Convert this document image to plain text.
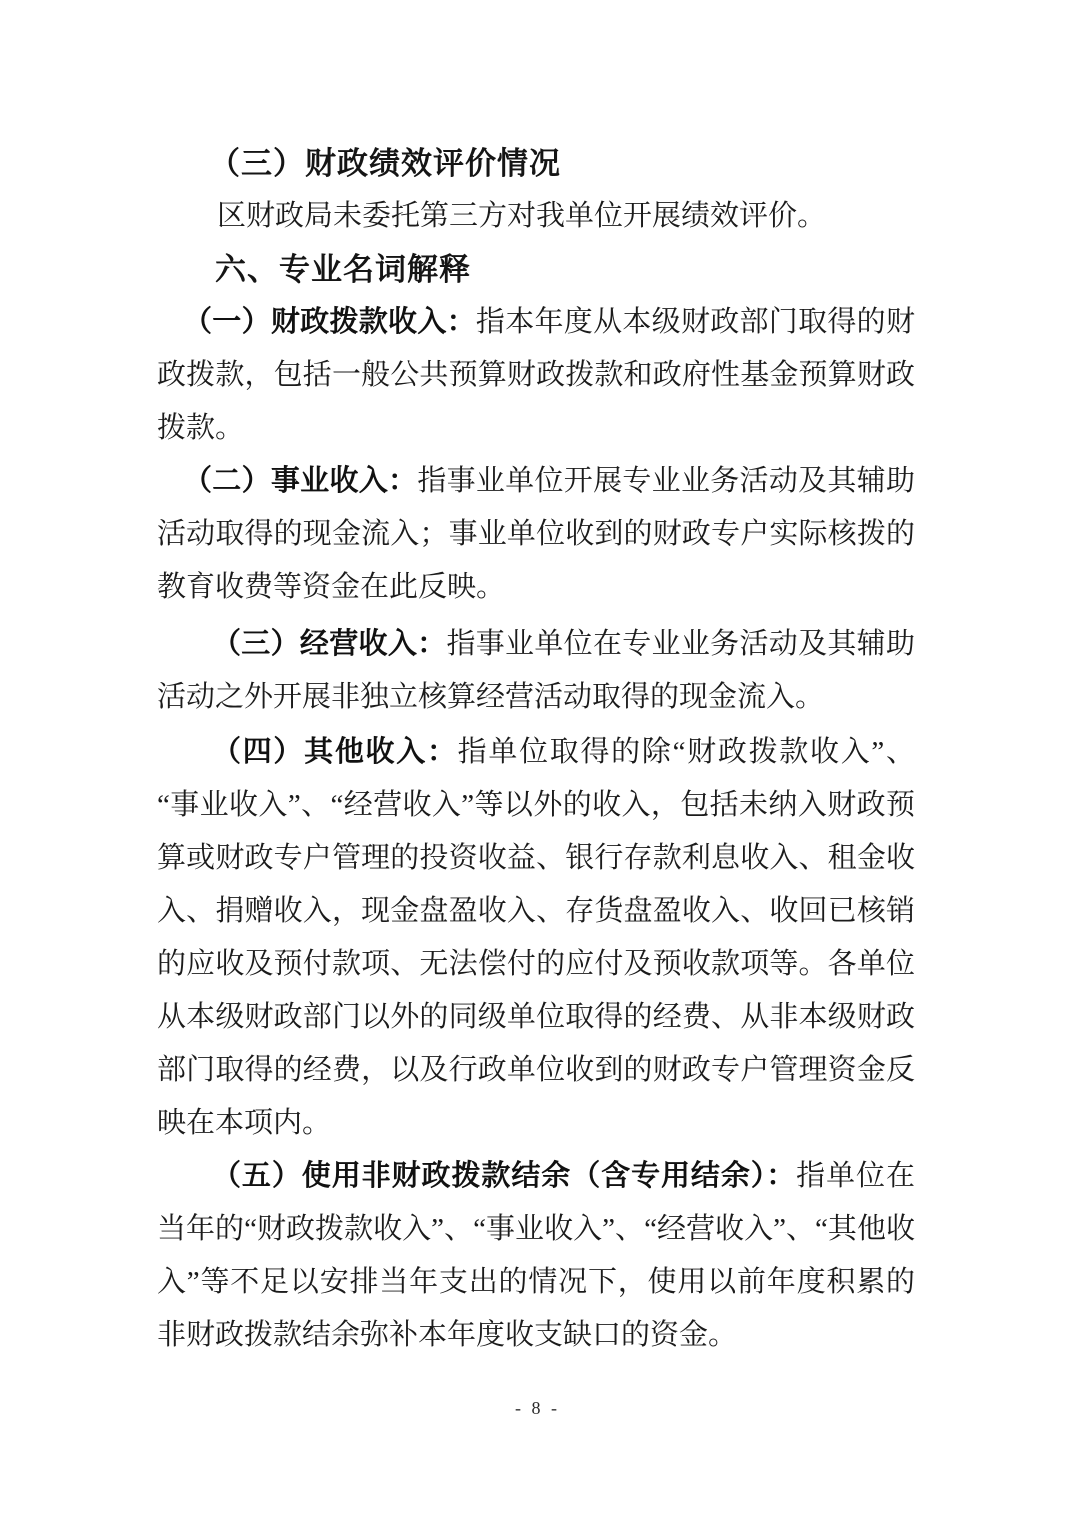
（三）财政绩效评价情况

区财政局未委托第三方对我单位开展绩效评价。

六、专业名词解释

（一）财政拨款收入：指本年度从本级财政部门取得的财政拨款，包括一般公共预算财政拨款和政府性基金预算财政拨款。

（二）事业收入：指事业单位开展专业业务活动及其辅助活动取得的现金流入；事业单位收到的财政专户实际核拨的教育收费等资金在此反映。

（三）经营收入：指事业单位在专业业务活动及其辅助活动之外开展非独立核算经营活动取得的现金流入。

（四）其他收入：指单位取得的除“财政拨款收入”、“事业收入”、“经营收入”等以外的收入，包括未纳入财政预算或财政专户管理的投资收益、银行存款利息收入、租金收入、捐赠收入，现金盘盈收入、存货盘盈收入、收回已核销的应收及预付款项、无法偿付的应付及预收款项等。各单位从本级财政部门以外的同级单位取得的经费、从非本级财政部门取得的经费，以及行政单位收到的财政专户管理资金反映在本项内。

（五）使用非财政拨款结余（含专用结余）：指单位在当年的“财政拨款收入”、“事业收入”、“经营收入”、“其他收入”等不足以安排当年支出的情况下，使用以前年度积累的非财政拨款结余弥补本年度收支缺口的资金。

- 8 -
